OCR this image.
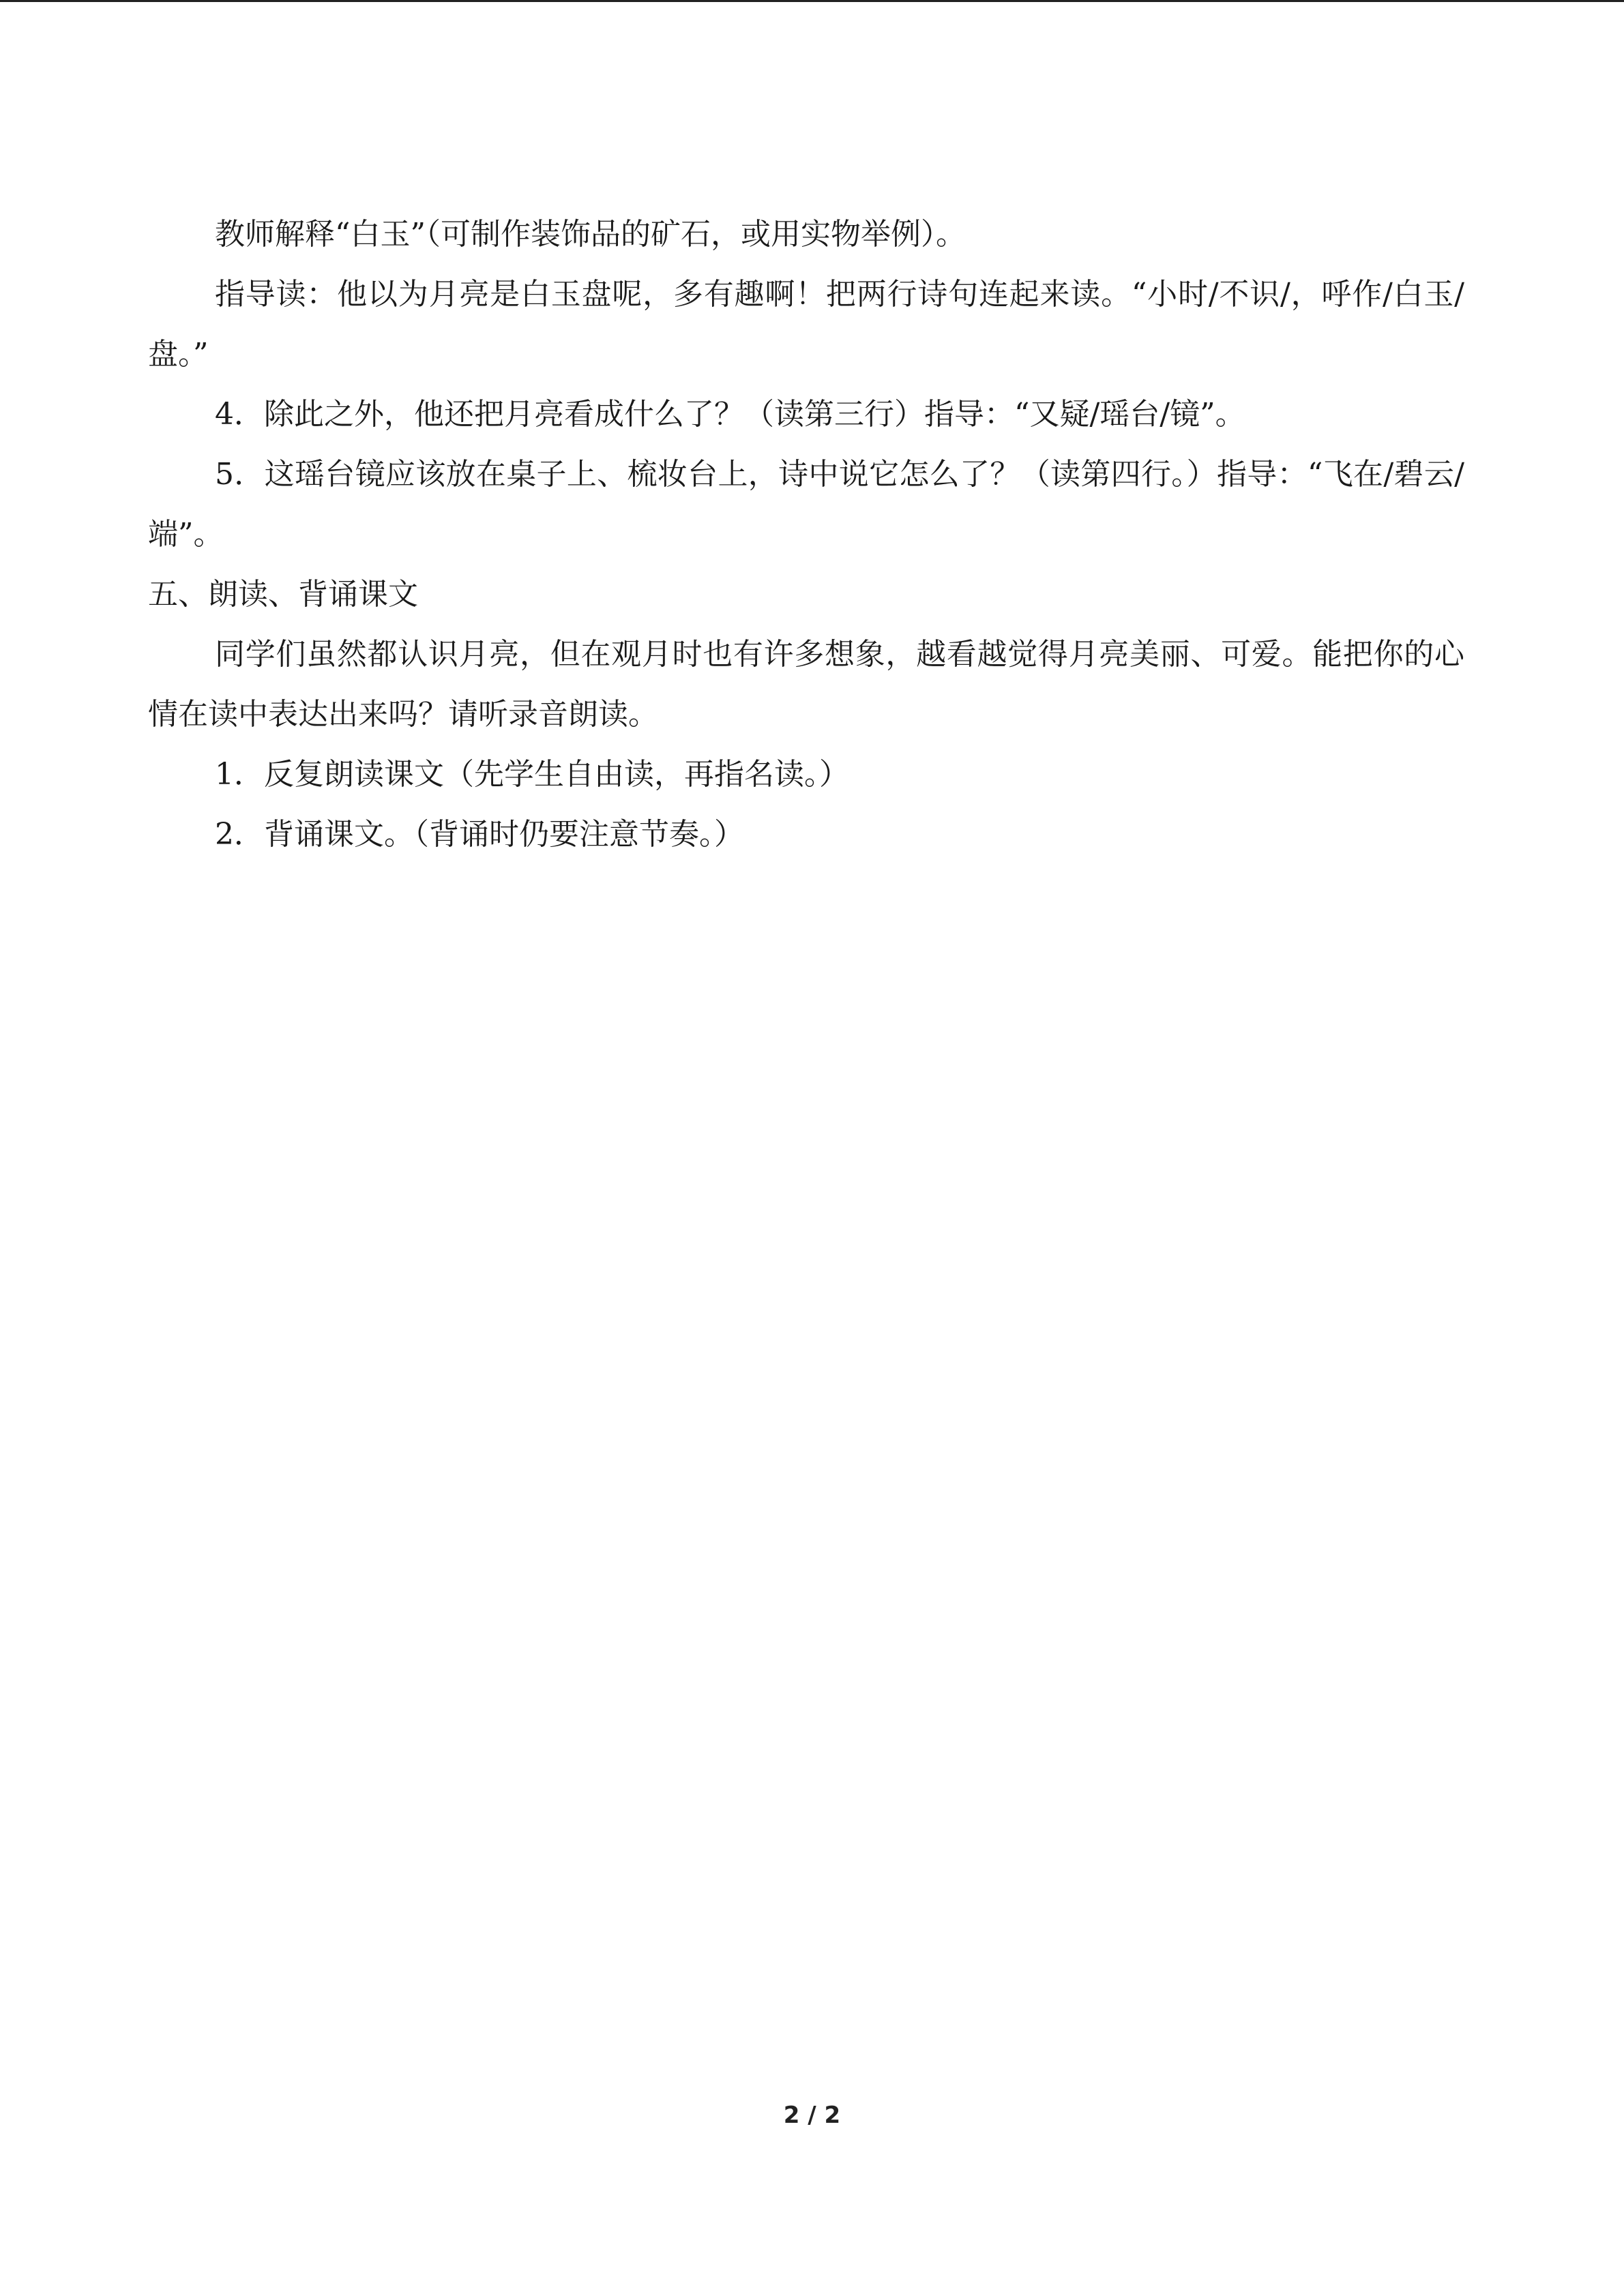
教师解释“白玉”（可制作装饰品的矿石，或用实物举例）。

指导读：他以为月亮是白玉盘呢，多有趣啊！把两行诗句连起来读。“小时/不识/，呼作/白玉/盘。”

4．除此之外，他还把月亮看成什么了？（读第三行）指导：“又疑/瑶台/镜”。

5．这瑶台镜应该放在桌子上、梳妆台上，诗中说它怎么了？（读第四行。）指导：“飞在/碧云/端”。

五、朗读、背诵课文

同学们虽然都认识月亮，但在观月时也有许多想象，越看越觉得月亮美丽、可爱。能把你的心情在读中表达出来吗？请听录音朗读。

1．反复朗读课文（先学生自由读，再指名读。）

2．背诵课文。（背诵时仍要注意节奏。）

2 / 2
